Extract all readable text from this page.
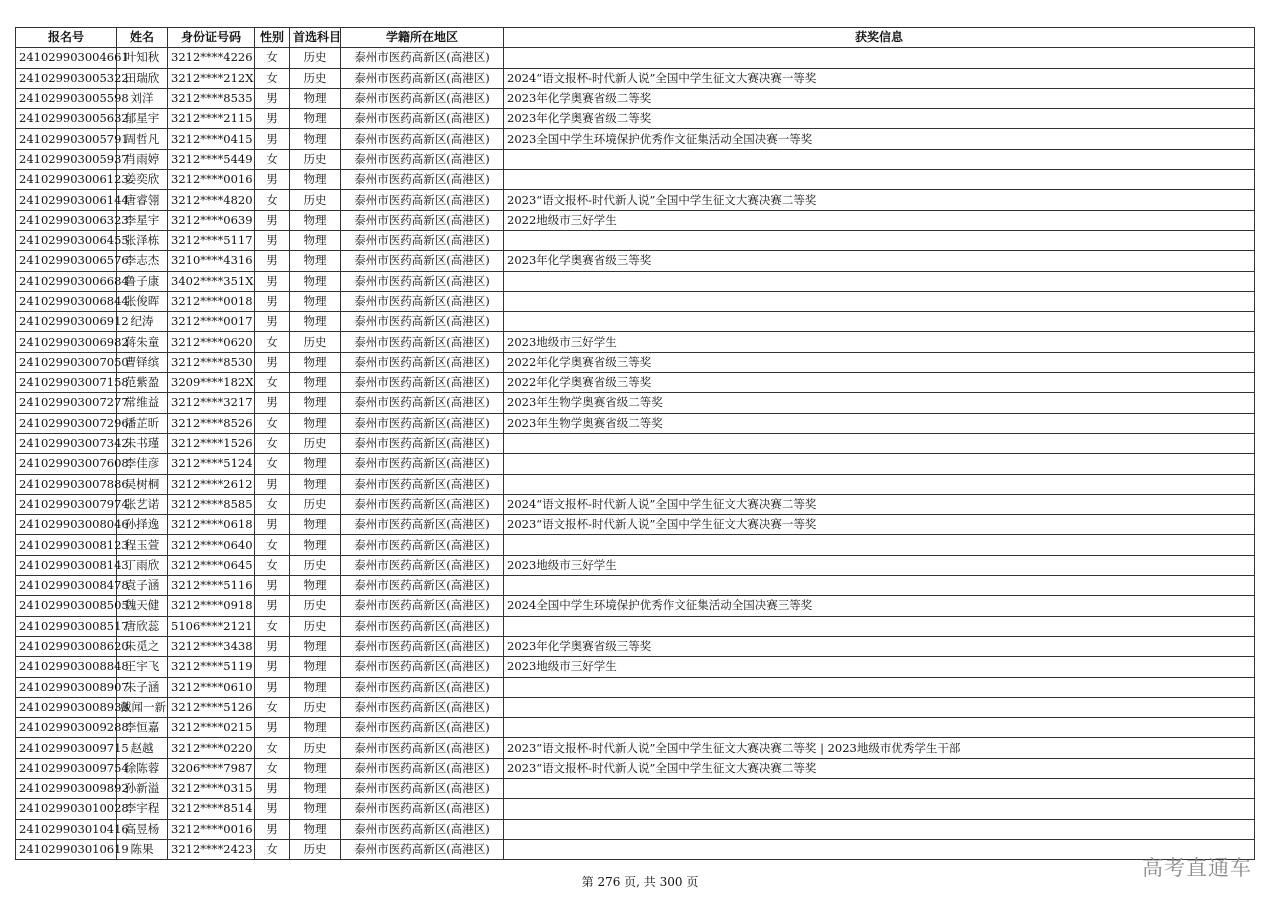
报名号	姓名	身份证号码	性别	首选科目	学籍所在地区	获奖信息
241029903004661	叶知秋	3212****4226	女	历史	泰州市医药高新区(高港区)	
241029903005322	田瑞欣	3212****212X	女	历史	泰州市医药高新区(高港区)	2024“语文报杯-时代新人说”全国中学生征文大赛决赛一等奖
241029903005598	刘洋	3212****8535	男	物理	泰州市医药高新区(高港区)	2023年化学奥赛省级二等奖
241029903005632	郁星宇	3212****2115	男	物理	泰州市医药高新区(高港区)	2023年化学奥赛省级二等奖
241029903005791	周哲凡	3212****0415	男	物理	泰州市医药高新区(高港区)	2023全国中学生环境保护优秀作文征集活动全国决赛一等奖
241029903005937	肖雨婷	3212****5449	女	历史	泰州市医药高新区(高港区)	
241029903006123	姜奕欣	3212****0016	男	物理	泰州市医药高新区(高港区)	
241029903006144	唐睿翎	3212****4820	女	历史	泰州市医药高新区(高港区)	2023“语文报杯-时代新人说”全国中学生征文大赛决赛二等奖
241029903006323	李星宇	3212****0639	男	物理	泰州市医药高新区(高港区)	2022地级市三好学生
241029903006455	张泽栋	3212****5117	男	物理	泰州市医药高新区(高港区)	
241029903006576	李志杰	3210****4316	男	物理	泰州市医药高新区(高港区)	2023年化学奥赛省级三等奖
241029903006684	鲁子康	3402****351X	男	物理	泰州市医药高新区(高港区)	
241029903006844	张俊晖	3212****0018	男	物理	泰州市医药高新区(高港区)	
241029903006912	纪涛	3212****0017	男	物理	泰州市医药高新区(高港区)	
241029903006982	蒋朱童	3212****0620	女	历史	泰州市医药高新区(高港区)	2023地级市三好学生
241029903007050	曹铎缤	3212****8530	男	物理	泰州市医药高新区(高港区)	2022年化学奥赛省级三等奖
241029903007158	范紫盈	3209****182X	女	物理	泰州市医药高新区(高港区)	2022年化学奥赛省级三等奖
241029903007277	常维益	3212****3217	男	物理	泰州市医药高新区(高港区)	2023年生物学奥赛省级二等奖
241029903007296	潘芷昕	3212****8526	女	物理	泰州市医药高新区(高港区)	2023年生物学奥赛省级二等奖
241029903007342	朱书瑾	3212****1526	女	历史	泰州市医药高新区(高港区)	
241029903007608	李佳彦	3212****5124	女	物理	泰州市医药高新区(高港区)	
241029903007886	吴树桐	3212****2612	男	物理	泰州市医药高新区(高港区)	
241029903007974	张艺诺	3212****8585	女	历史	泰州市医药高新区(高港区)	2024“语文报杯-时代新人说”全国中学生征文大赛决赛二等奖
241029903008046	孙择逸	3212****0618	男	物理	泰州市医药高新区(高港区)	2023“语文报杯-时代新人说”全国中学生征文大赛决赛一等奖
241029903008123	程玉萱	3212****0640	女	物理	泰州市医药高新区(高港区)	
241029903008143	丁雨欣	3212****0645	女	历史	泰州市医药高新区(高港区)	2023地级市三好学生
241029903008478	袁子涵	3212****5116	男	物理	泰州市医药高新区(高港区)	
241029903008505	魏天健	3212****0918	男	历史	泰州市医药高新区(高港区)	2024全国中学生环境保护优秀作文征集活动全国决赛三等奖
241029903008517	唐欣蕊	5106****2121	女	历史	泰州市医药高新区(高港区)	
241029903008620	朱觅之	3212****3438	男	物理	泰州市医药高新区(高港区)	2023年化学奥赛省级三等奖
241029903008848	王宇飞	3212****5119	男	物理	泰州市医药高新区(高港区)	2023地级市三好学生
241029903008907	朱子涵	3212****0610	男	物理	泰州市医药高新区(高港区)	
241029903008933	戴闻一新	3212****5126	女	历史	泰州市医药高新区(高港区)	
241029903009288	李恒嘉	3212****0215	男	物理	泰州市医药高新区(高港区)	
241029903009715	赵越	3212****0220	女	历史	泰州市医药高新区(高港区)	2023“语文报杯-时代新人说”全国中学生征文大赛决赛二等奖 | 2023地级市优秀学生干部
241029903009754	徐陈蓉	3206****7987	女	物理	泰州市医药高新区(高港区)	2023“语文报杯-时代新人说”全国中学生征文大赛决赛二等奖
241029903009892	孙新溢	3212****0315	男	物理	泰州市医药高新区(高港区)	
241029903010028	李宇程	3212****8514	男	物理	泰州市医药高新区(高港区)	
241029903010416	高昱杨	3212****0016	男	物理	泰州市医药高新区(高港区)	
241029903010619	陈果	3212****2423	女	历史	泰州市医药高新区(高港区)	
第 276 页, 共 300 页
高考直通车
